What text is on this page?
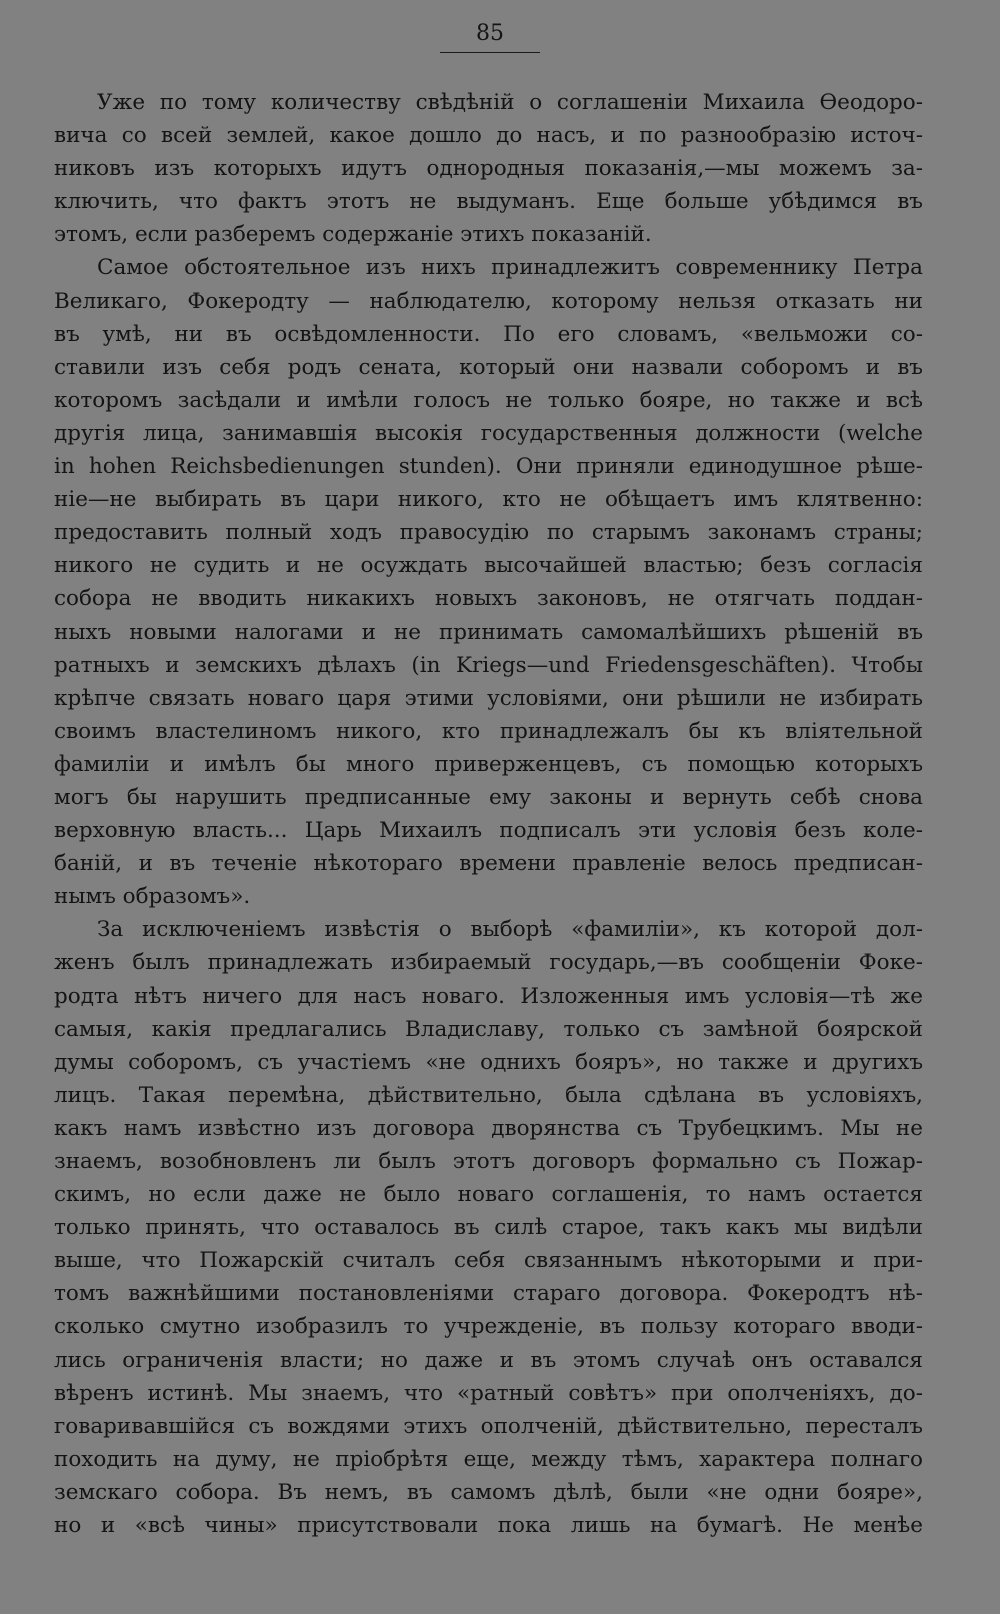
85
Уже по тому количеству свѣдѣній о соглашеніи Михаила Ѳеодоро-
вича со всей землей, какое дошло до насъ, и по разнообразію источ-
никовъ изъ которыхъ идутъ однородныя показанія,—мы можемъ за-
ключить, что фактъ этотъ не выдуманъ. Еще больше убѣдимся въ
этомъ, если разберемъ содержаніе этихъ показаній.
Самое обстоятельное изъ нихъ принадлежитъ современнику Петра
Великаго, Фокеродту — наблюдателю, которому нельзя отказать ни
въ умѣ, ни въ освѣдомленности. По его словамъ, «вельможи со-
ставили изъ себя родъ сената, который они назвали соборомъ и въ
которомъ засѣдали и имѣли голосъ не только бояре, но также и всѣ
другія лица, занимавшія высокія государственныя должности (welche
in hohen Reichsbedienungen stunden). Они приняли единодушное рѣше-
ніе—не выбирать въ цари никого, кто не обѣщаетъ имъ клятвенно:
предоставить полный ходъ правосудію по старымъ законамъ страны;
никого не судить и не осуждать высочайшей властью; безъ согласія
собора не вводить никакихъ новыхъ законовъ, не отягчать поддан-
ныхъ новыми налогами и не принимать самомалѣйшихъ рѣшеній въ
ратныхъ и земскихъ дѣлахъ (in Kriegs—und Friedensgeschäften). Чтобы
крѣпче связать новаго царя этими условіями, они рѣшили не избирать
своимъ властелиномъ никого, кто принадлежалъ бы къ вліятельной
фамиліи и имѣлъ бы много приверженцевъ, съ помощью которыхъ
могъ бы нарушить предписанные ему законы и вернуть себѣ снова
верховную власть... Царь Михаилъ подписалъ эти условія безъ коле-
баній, и въ теченіе нѣкотораго времени правленіе велось предписан-
нымъ образомъ».
За исключеніемъ извѣстія о выборѣ «фамиліи», къ которой дол-
женъ былъ принадлежать избираемый государь,—въ сообщеніи Фоке-
родта нѣтъ ничего для насъ новаго. Изложенныя имъ условія—тѣ же
самыя, какія предлагались Владиславу, только съ замѣной боярской
думы соборомъ, съ участіемъ «не однихъ бояръ», но также и другихъ
лицъ. Такая перемѣна, дѣйствительно, была сдѣлана въ условіяхъ,
какъ намъ извѣстно изъ договора дворянства съ Трубецкимъ. Мы не
знаемъ, возобновленъ ли былъ этотъ договоръ формально съ Пожар-
скимъ, но если даже не было новаго соглашенія, то намъ остается
только принять, что оставалось въ силѣ старое, такъ какъ мы видѣли
выше, что Пожарскій считалъ себя связаннымъ нѣкоторыми и при-
томъ важнѣйшими постановленіями стараго договора. Фокеродтъ нѣ-
сколько смутно изобразилъ то учрежденіе, въ пользу котораго вводи-
лись ограниченія власти; но даже и въ этомъ случаѣ онъ оставался
вѣренъ истинѣ. Мы знаемъ, что «ратный совѣтъ» при ополченіяхъ, до-
говаривавшійся съ вождями этихъ ополченій, дѣйствительно, пересталъ
походить на думу, не пріобрѣтя еще, между тѣмъ, характера полнаго
земскаго собора. Въ немъ, въ самомъ дѣлѣ, были «не одни бояре»,
но и «всѣ чины» присутствовали пока лишь на бумагѣ. Не менѣе
